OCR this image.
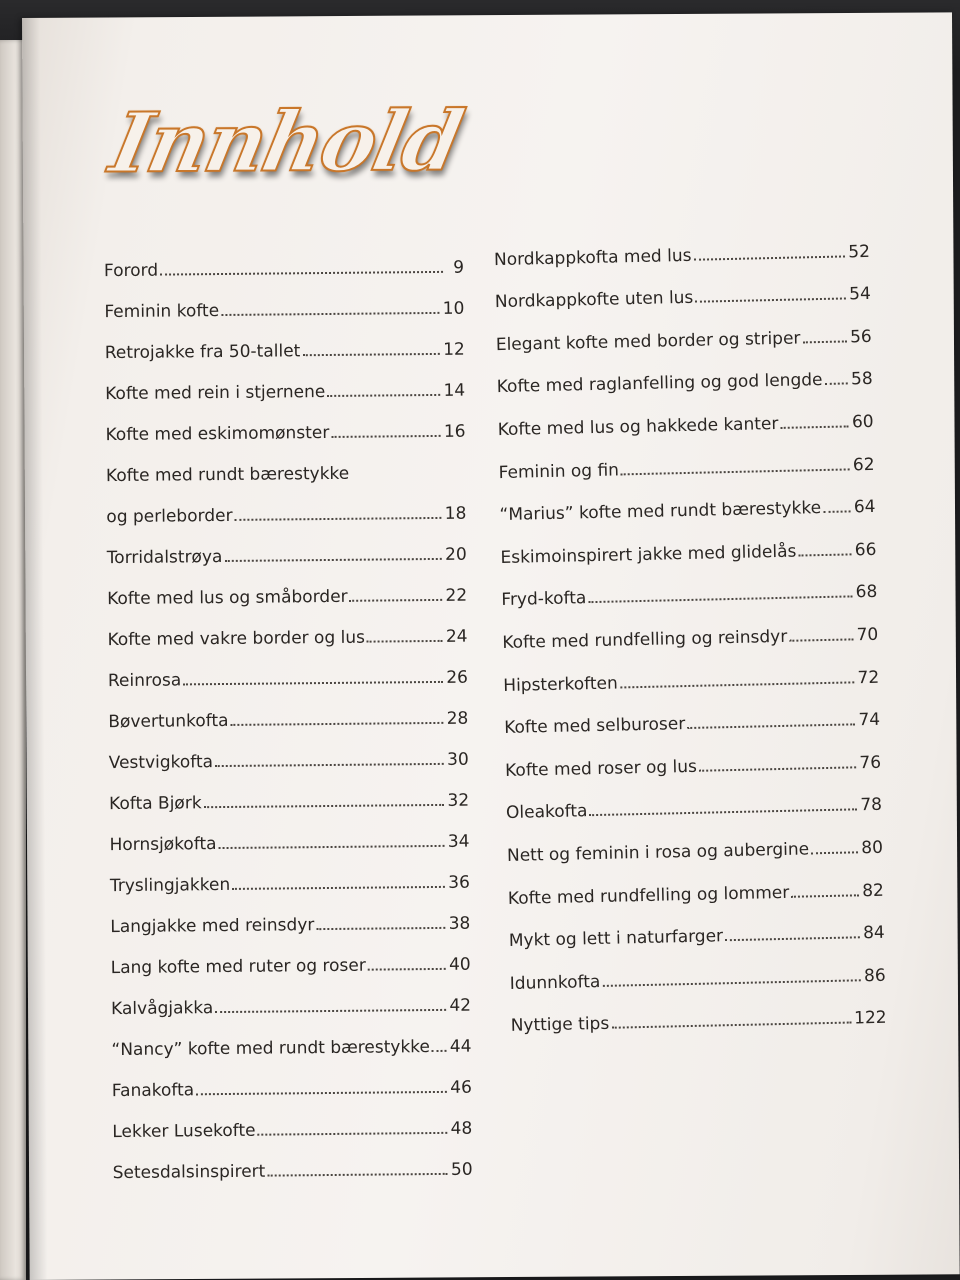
Innhold
Forord	9
Feminin kofte	10
Retrojakke fra 50-tallet	12
Kofte med rein i stjernene	14
Kofte med eskimomønster	16
Kofte med rundt bærestykke
og perleborder	18
Torridalstrøya	20
Kofte med lus og småborder	22
Kofte med vakre border og lus	24
Reinrosa	26
Bøvertunkofta	28
Vestvigkofta	30
Kofta Bjørk	32
Hornsjøkofta	34
Tryslingjakken	36
Langjakke med reinsdyr	38
Lang kofte med ruter og roser	40
Kalvågjakka	42
“Nancy” kofte med rundt bærestykke 44
Fanakofta	46
Lekker Lusekofte	48
Setesdalsinspirert	50
Nordkappkofta med lus	52
Nordkappkofte uten lus	54
Elegant kofte med border og striper	56
Kofte med raglanfelling og god lengde 58
Kofte med lus og hakkede kanter	60
Feminin og fin	62
“Marius” kofte med rundt bærestykke 64
Eskimoinspirert jakke med glidelås	66
Fryd-kofta	68
Kofte med rundfelling og reinsdyr	70
Hipsterkoften	72
Kofte med selburoser	74
Kofte med roser og lus	76
Oleakofta	78
Nett og feminin i rosa og aubergine	80
Kofte med rundfelling og lommer	82
Mykt og lett i naturfarger	84
Idunnkofta	86
Nyttige tips	122
